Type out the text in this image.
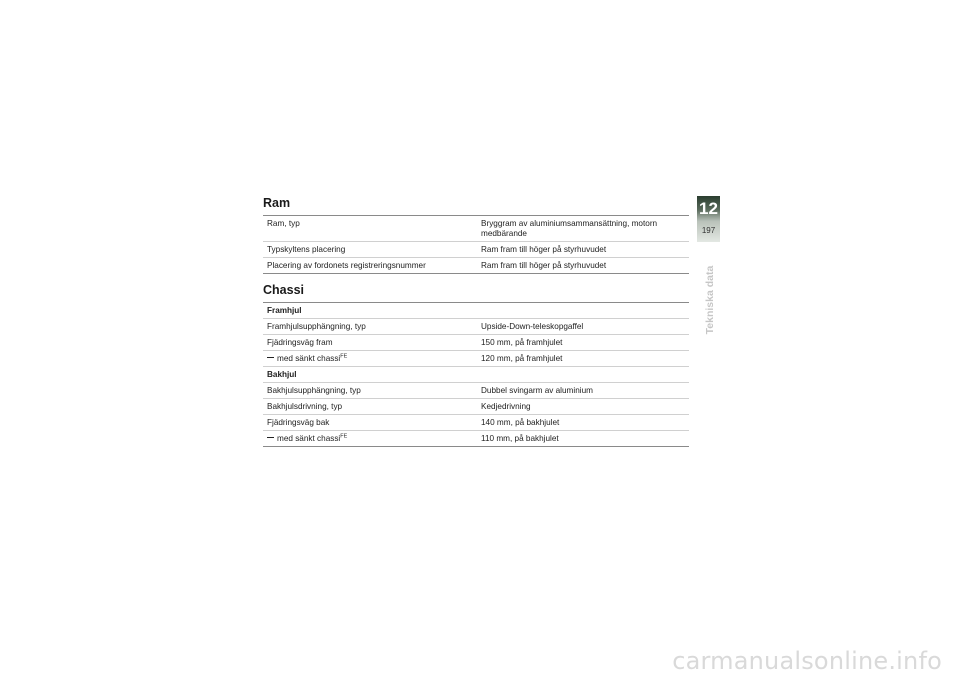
Ram
Ram, typ	Bryggram av aluminiumsammansättning, motorn medbärande
Typskyltens placering	Ram fram till höger på styrhuvudet
Placering av fordonets registreringsnummer	Ram fram till höger på styrhuvudet
Chassi
Framhjul	
Framhjulsupphängning, typ	Upside-Down-teleskopgaffel
Fjädringsväg fram	150 mm, på framhjulet
med sänkt chassi$^{FE}$	120 mm, på framhjulet
Bakhjul	
Bakhjulsupphängning, typ	Dubbel svingarm av aluminium
Bakhjulsdrivning, typ	Kedjedrivning
Fjädringsväg bak	140 mm, på bakhjulet
med sänkt chassi$^{FE}$	110 mm, på bakhjulet
12
197
Tekniska data
carmanualsonline.info
